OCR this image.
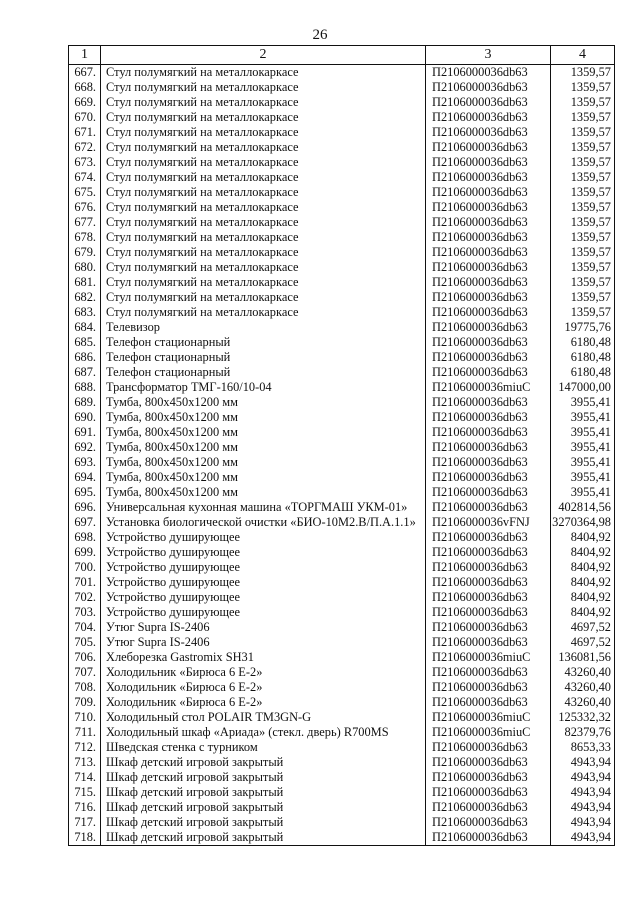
26
1	2	3	4
667.	Стул полумягкий на металлокаркасе	П2106000036db63	1359,57
668.	Стул полумягкий на металлокаркасе	П2106000036db63	1359,57
669.	Стул полумягкий на металлокаркасе	П2106000036db63	1359,57
670.	Стул полумягкий на металлокаркасе	П2106000036db63	1359,57
671.	Стул полумягкий на металлокаркасе	П2106000036db63	1359,57
672.	Стул полумягкий на металлокаркасе	П2106000036db63	1359,57
673.	Стул полумягкий на металлокаркасе	П2106000036db63	1359,57
674.	Стул полумягкий на металлокаркасе	П2106000036db63	1359,57
675.	Стул полумягкий на металлокаркасе	П2106000036db63	1359,57
676.	Стул полумягкий на металлокаркасе	П2106000036db63	1359,57
677.	Стул полумягкий на металлокаркасе	П2106000036db63	1359,57
678.	Стул полумягкий на металлокаркасе	П2106000036db63	1359,57
679.	Стул полумягкий на металлокаркасе	П2106000036db63	1359,57
680.	Стул полумягкий на металлокаркасе	П2106000036db63	1359,57
681.	Стул полумягкий на металлокаркасе	П2106000036db63	1359,57
682.	Стул полумягкий на металлокаркасе	П2106000036db63	1359,57
683.	Стул полумягкий на металлокаркасе	П2106000036db63	1359,57
684.	Телевизор	П2106000036db63	19775,76
685.	Телефон стационарный	П2106000036db63	6180,48
686.	Телефон стационарный	П2106000036db63	6180,48
687.	Телефон стационарный	П2106000036db63	6180,48
688.	Трансформатор ТМГ-160/10-04	П2106000036miuC	147000,00
689.	Тумба, 800x450x1200 мм	П2106000036db63	3955,41
690.	Тумба, 800x450x1200 мм	П2106000036db63	3955,41
691.	Тумба, 800x450x1200 мм	П2106000036db63	3955,41
692.	Тумба, 800x450x1200 мм	П2106000036db63	3955,41
693.	Тумба, 800x450x1200 мм	П2106000036db63	3955,41
694.	Тумба, 800x450x1200 мм	П2106000036db63	3955,41
695.	Тумба, 800x450x1200 мм	П2106000036db63	3955,41
696.	Универсальная кухонная машина «ТОРГМАШ УКМ-01»	П2106000036db63	402814,56
697.	Установка биологической очистки «БИО-10М2.В/П.А.1.1»	П2106000036vFNJ	3270364,98
698.	Устройство душирующее	П2106000036db63	8404,92
699.	Устройство душирующее	П2106000036db63	8404,92
700.	Устройство душирующее	П2106000036db63	8404,92
701.	Устройство душирующее	П2106000036db63	8404,92
702.	Устройство душирующее	П2106000036db63	8404,92
703.	Устройство душирующее	П2106000036db63	8404,92
704.	Утюг Supra IS-2406	П2106000036db63	4697,52
705.	Утюг Supra IS-2406	П2106000036db63	4697,52
706.	Хлеборезка Gastromix SH31	П2106000036miuC	136081,56
707.	Холодильник «Бирюса 6 Е-2»	П2106000036db63	43260,40
708.	Холодильник «Бирюса 6 Е-2»	П2106000036db63	43260,40
709.	Холодильник «Бирюса 6 Е-2»	П2106000036db63	43260,40
710.	Холодильный стол POLAIR TM3GN-G	П2106000036miuC	125332,32
711.	Холодильный шкаф «Ариада» (стекл. дверь) R700MS	П2106000036miuC	82379,76
712.	Шведская стенка с турником	П2106000036db63	8653,33
713.	Шкаф детский игровой закрытый	П2106000036db63	4943,94
714.	Шкаф детский игровой закрытый	П2106000036db63	4943,94
715.	Шкаф детский игровой закрытый	П2106000036db63	4943,94
716.	Шкаф детский игровой закрытый	П2106000036db63	4943,94
717.	Шкаф детский игровой закрытый	П2106000036db63	4943,94
718.	Шкаф детский игровой закрытый	П2106000036db63	4943,94
